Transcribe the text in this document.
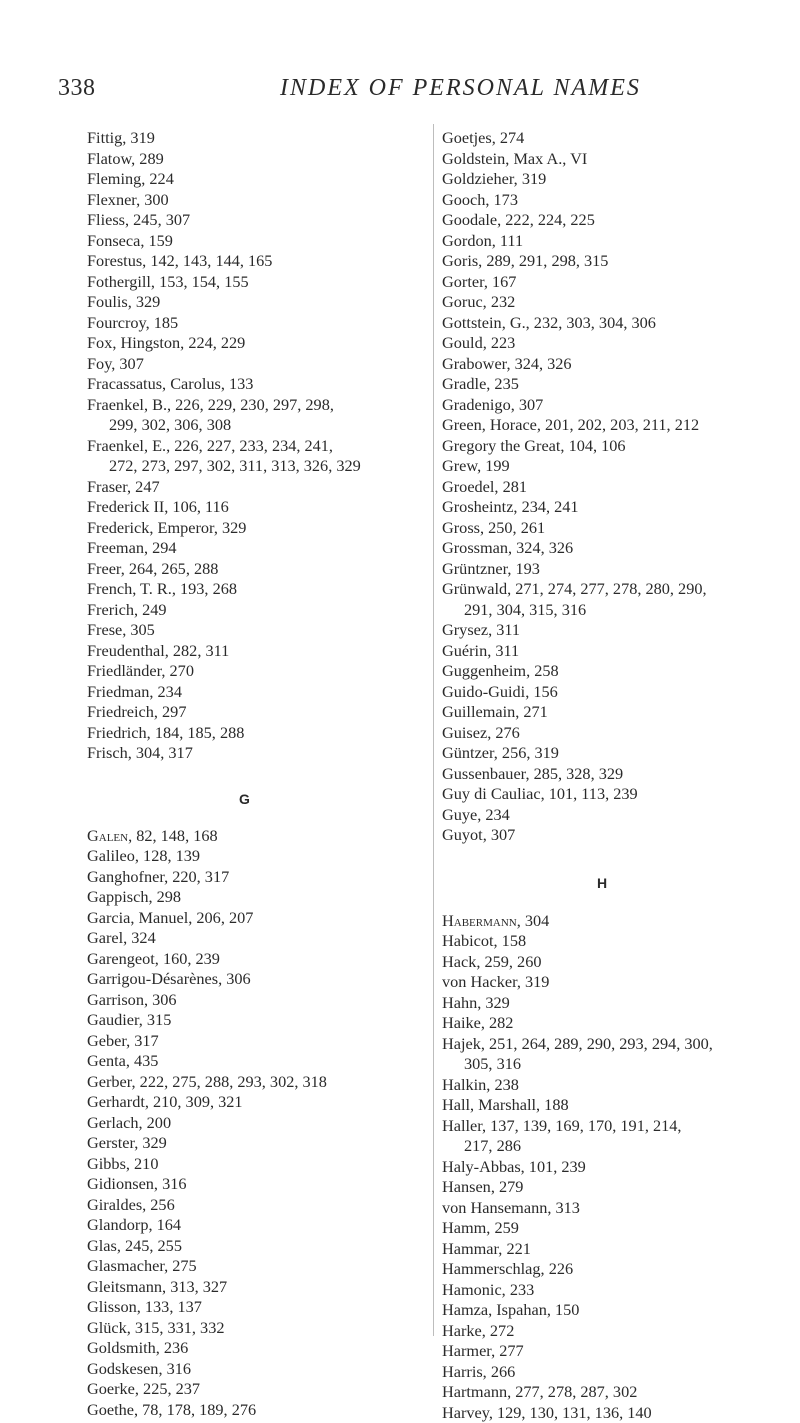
338	INDEX OF PERSONAL NAMES
Fittig, 319
Flatow, 289
Fleming, 224
Flexner, 300
Fliess, 245, 307
Fonseca, 159
Forestus, 142, 143, 144, 165
Fothergill, 153, 154, 155
Foulis, 329
Fourcroy, 185
Fox, Hingston, 224, 229
Foy, 307
Fracassatus, Carolus, 133
Fraenkel, B., 226, 229, 230, 297, 298,
299, 302, 306, 308
Fraenkel, E., 226, 227, 233, 234, 241,
272, 273, 297, 302, 311, 313, 326, 329
Fraser, 247
Frederick II, 106, 116
Frederick, Emperor, 329
Freeman, 294
Freer, 264, 265, 288
French, T. R., 193, 268
Frerich, 249
Frese, 305
Freudenthal, 282, 311
Friedländer, 270
Friedman, 234
Friedreich, 297
Friedrich, 184, 185, 288
Frisch, 304, 317
G
Galen, 82, 148, 168
Galileo, 128, 139
Ganghofner, 220, 317
Gappisch, 298
Garcia, Manuel, 206, 207
Garel, 324
Garengeot, 160, 239
Garrigou-Désarènes, 306
Garrison, 306
Gaudier, 315
Geber, 317
Genta, 435
Gerber, 222, 275, 288, 293, 302, 318
Gerhardt, 210, 309, 321
Gerlach, 200
Gerster, 329
Gibbs, 210
Gidionsen, 316
Giraldes, 256
Glandorp, 164
Glas, 245, 255
Glasmacher, 275
Gleitsmann, 313, 327
Glisson, 133, 137
Glück, 315, 331, 332
Goldsmith, 236
Godskesen, 316
Goerke, 225, 237
Goethe, 78, 178, 189, 276
Goetjes, 274
Goldstein, Max A., VI
Goldzieher, 319
Gooch, 173
Goodale, 222, 224, 225
Gordon, 111
Goris, 289, 291, 298, 315
Gorter, 167
Goruc, 232
Gottstein, G., 232, 303, 304, 306
Gould, 223
Grabower, 324, 326
Gradle, 235
Gradenigo, 307
Green, Horace, 201, 202, 203, 211, 212
Gregory the Great, 104, 106
Grew, 199
Groedel, 281
Grosheintz, 234, 241
Gross, 250, 261
Grossman, 324, 326
Grüntzner, 193
Grünwald, 271, 274, 277, 278, 280, 290,
291, 304, 315, 316
Grysez, 311
Guérin, 311
Guggenheim, 258
Guido-Guidi, 156
Guillemain, 271
Guisez, 276
Güntzer, 256, 319
Gussenbauer, 285, 328, 329
Guy di Cauliac, 101, 113, 239
Guye, 234
Guyot, 307
H
Habermann, 304
Habicot, 158
Hack, 259, 260
von Hacker, 319
Hahn, 329
Haike, 282
Hajek, 251, 264, 289, 290, 293, 294, 300,
305, 316
Halkin, 238
Hall, Marshall, 188
Haller, 137, 139, 169, 170, 191, 214,
217, 286
Haly-Abbas, 101, 239
Hansen, 279
von Hansemann, 313
Hamm, 259
Hammar, 221
Hammerschlag, 226
Hamonic, 233
Hamza, Ispahan, 150
Harke, 272
Harmer, 277
Harris, 266
Hartmann, 277, 278, 287, 302
Harvey, 129, 130, 131, 136, 140
